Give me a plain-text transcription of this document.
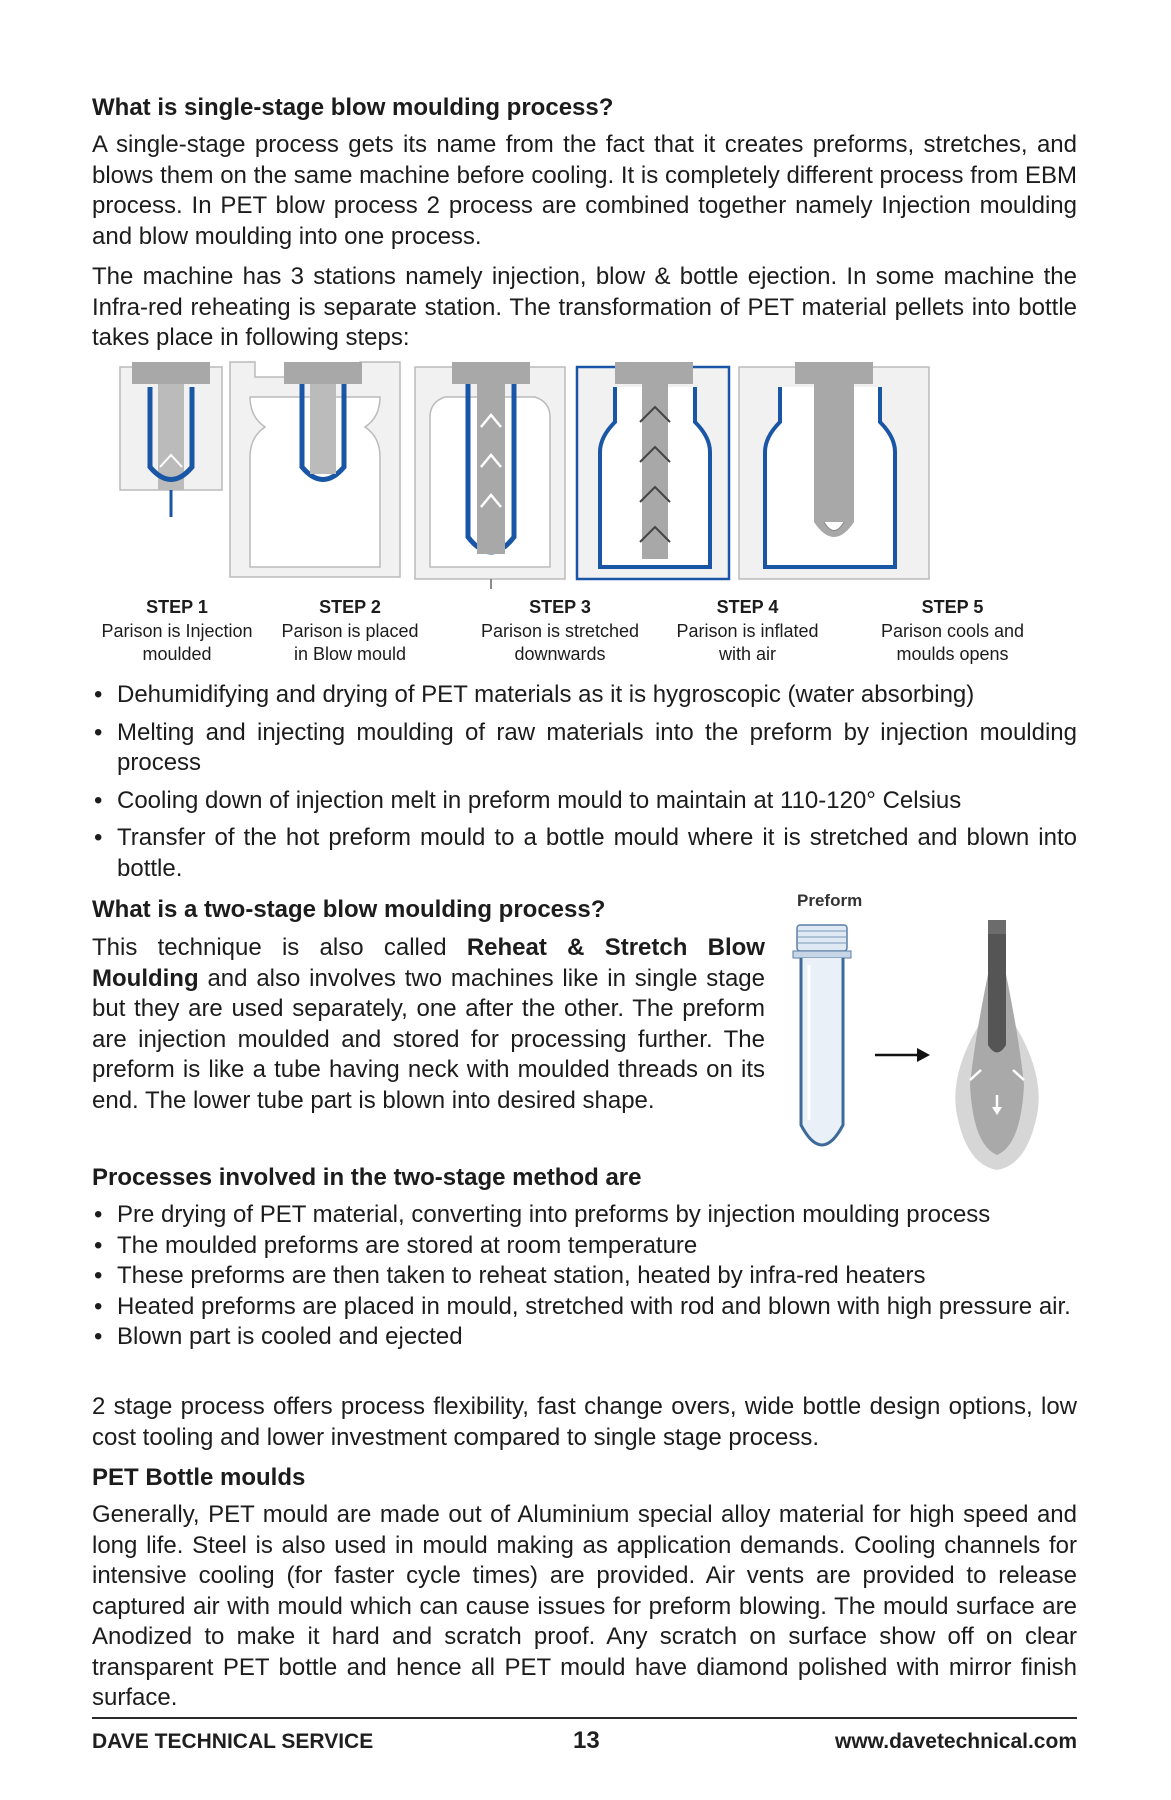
What is single-stage blow moulding process?

A single-stage process gets its name from the fact that it creates preforms, stretches, and blows them on the same machine before cooling. It is completely different process from EBM process. In PET blow process 2 process are combined together namely Injection moulding and blow moulding into one process.

The machine has 3 stations namely injection, blow & bottle ejection. In some machine the Infra-red reheating is separate station. The transformation of PET material pellets into bottle takes place in following steps:

STEP 1
Parison is Injection
moulded
STEP 2
Parison is placed
in Blow mould
STEP 3
Parison is stretched
downwards
STEP 4
Parison is inflated
with air
STEP 5
Parison cools and
moulds opens
• Dehumidifying and drying of PET materials as it is hygroscopic (water absorbing)
• Melting and injecting moulding of raw materials into the preform by injection moulding process
• Cooling down of injection melt in preform mould to maintain at 110-120° Celsius
• Transfer of the hot preform mould to a bottle mould where it is stretched and blown into bottle.
What is a two-stage blow moulding process?

This technique is also called Reheat & Stretch Blow Moulding and also involves two machines like in single stage but they are used separately, one after the other. The preform are injection moulded and stored for processing further. The preform is like a tube having neck with moulded threads on its end. The lower tube part is blown into desired shape.

Preform
Processes involved in the two-stage method are
• Pre drying of PET material, converting into preforms by injection moulding process
• The moulded preforms are stored at room temperature
• These preforms are then taken to reheat station, heated by infra-red heaters
• Heated preforms are placed in mould, stretched with rod and blown with high pressure air.
• Blown part is cooled and ejected

2 stage process offers process flexibility, fast change overs, wide bottle design options, low cost tooling and lower investment compared to single stage process.

PET Bottle moulds

Generally, PET mould are made out of Aluminium special alloy material for high speed and long life. Steel is also used in mould making as application demands. Cooling channels for intensive cooling (for faster cycle times) are provided. Air vents are provided to release captured air with mould which can cause issues for preform blowing. The mould surface are Anodized to make it hard and scratch proof. Any scratch on surface show off on clear transparent PET bottle and hence all PET mould have diamond polished with mirror finish surface.

DAVE TECHNICAL SERVICE	13	www.davetechnical.com
